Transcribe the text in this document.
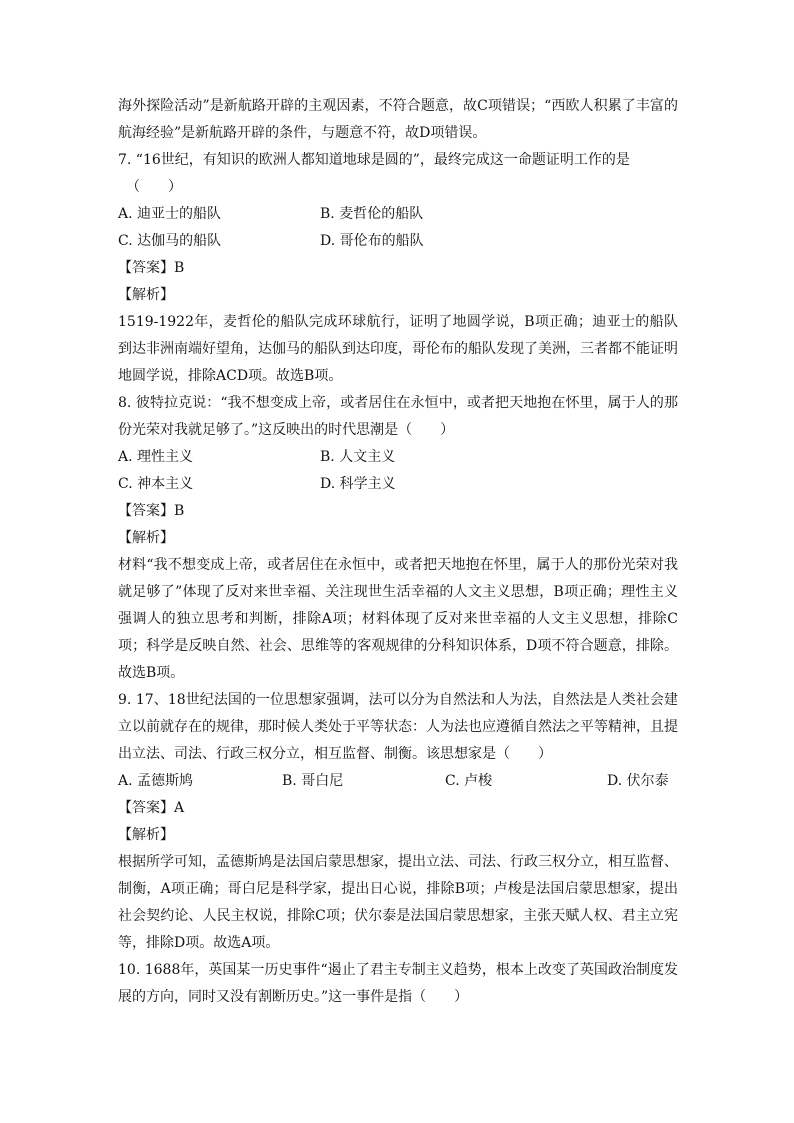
海外探险活动”是新航路开辟的主观因素，不符合题意，故C项错误；“西欧人积累了丰富的航海经验”是新航路开辟的条件，与题意不符，故D项错误。

7. “16世纪，有知识的欧洲人都知道地球是圆的”，最终完成这一命题证明工作的是

（　　）

A. 迪亚士的船队	B. 麦哲伦的船队
C. 达伽马的船队	D. 哥伦布的船队
【答案】B
【解析】

1519-1922年，麦哲伦的船队完成环球航行，证明了地圆学说，B项正确；迪亚士的船队到达非洲南端好望角，达伽马的船队到达印度，哥伦布的船队发现了美洲，三者都不能证明地圆学说，排除ACD项。故选B项。

8. 彼特拉克说：“我不想变成上帝，或者居住在永恒中，或者把天地抱在怀里，属于人的那份光荣对我就足够了。”这反映出的时代思潮是（　　）

A. 理性主义	B. 人文主义
C. 神本主义	D. 科学主义
【答案】B
【解析】

材料“我不想变成上帝，或者居住在永恒中，或者把天地抱在怀里，属于人的那份光荣对我就足够了”体现了反对来世幸福、关注现世生活幸福的人文主义思想，B项正确；理性主义强调人的独立思考和判断，排除A项；材料体现了反对来世幸福的人文主义思想，排除C项；科学是反映自然、社会、思维等的客观规律的分科知识体系，D项不符合题意，排除。故选B项。

9. 17、18世纪法国的一位思想家强调，法可以分为自然法和人为法，自然法是人类社会建立以前就存在的规律，那时候人类处于平等状态：人为法也应遵循自然法之平等精神，且提出立法、司法、行政三权分立，相互监督、制衡。该思想家是（　　）

A. 孟德斯鸠	B. 哥白尼	C. 卢梭	D. 伏尔泰
【答案】A
【解析】

根据所学可知，孟德斯鸠是法国启蒙思想家，提出立法、司法、行政三权分立，相互监督、制衡，A项正确；哥白尼是科学家，提出日心说，排除B项；卢梭是法国启蒙思想家，提出社会契约论、人民主权说，排除C项；伏尔泰是法国启蒙思想家，主张天赋人权、君主立宪等，排除D项。故选A项。

10. 1688年，英国某一历史事件“遏止了君主专制主义趋势，根本上改变了英国政治制度发展的方向，同时又没有割断历史。”这一事件是指（　　）
